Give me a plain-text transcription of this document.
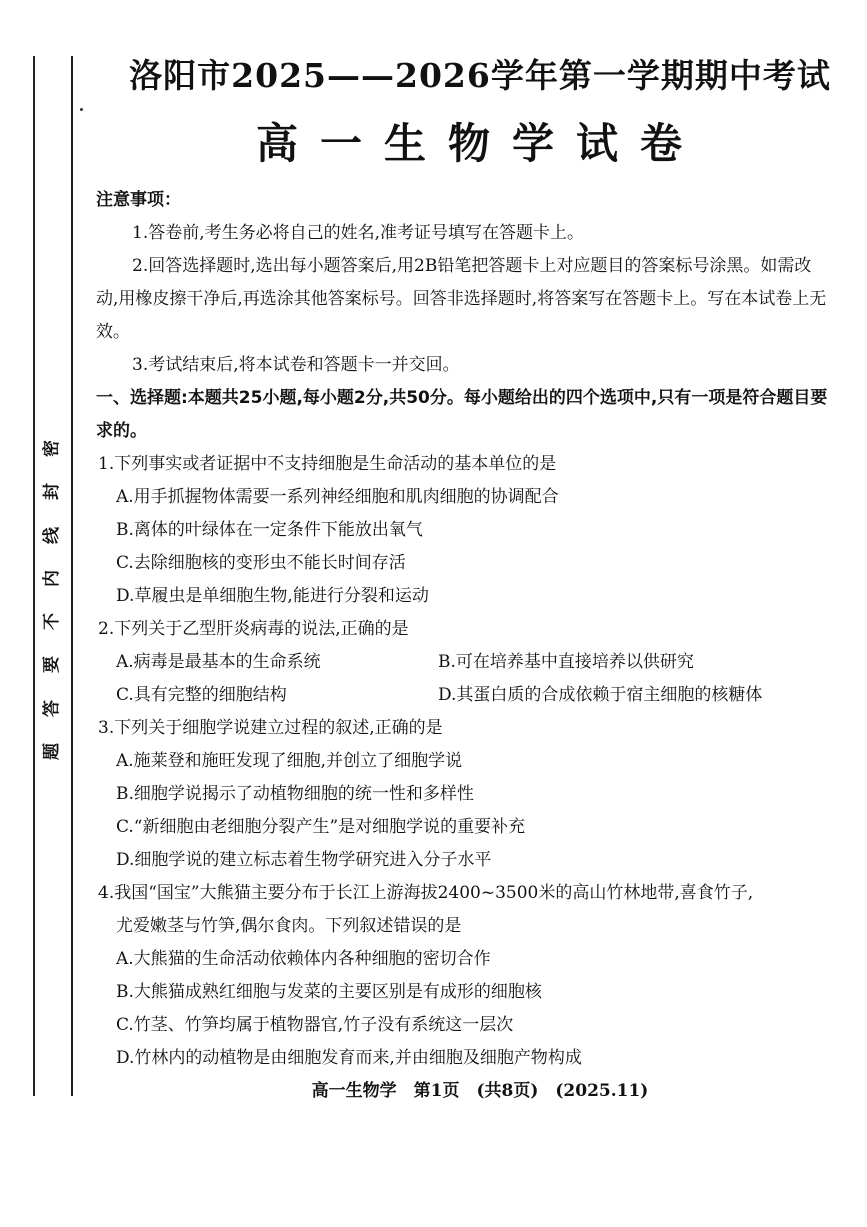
密
封
线
内
不
要
答
题
洛阳市2025——2026学年第一学期期中考试
高一生物学试卷

注意事项：

1.答卷前,考生务必将自己的姓名,准考证号填写在答题卡上。

2.回答选择题时,选出每小题答案后,用2B铅笔把答题卡上对应题目的答案标号涂黑。如需改动,用橡皮擦干净后,再选涂其他答案标号。回答非选择题时,将答案写在答题卡上。写在本试卷上无效。

3.考试结束后,将本试卷和答题卡一并交回。

一、选择题:本题共25小题,每小题2分,共50分。每小题给出的四个选项中,只有一项是符合题目要求的。

1.下列事实或者证据中不支持细胞是生命活动的基本单位的是

A.用手抓握物体需要一系列神经细胞和肌肉细胞的协调配合

B.离体的叶绿体在一定条件下能放出氧气

C.去除细胞核的变形虫不能长时间存活

D.草履虫是单细胞生物,能进行分裂和运动

2.下列关于乙型肝炎病毒的说法,正确的是

A.病毒是最基本的生命系统	B.可在培养基中直接培养以供研究
C.具有完整的细胞结构	D.其蛋白质的合成依赖于宿主细胞的核糖体

3.下列关于细胞学说建立过程的叙述,正确的是

A.施莱登和施旺发现了细胞,并创立了细胞学说

B.细胞学说揭示了动植物细胞的统一性和多样性

C.“新细胞由老细胞分裂产生”是对细胞学说的重要补充

D.细胞学说的建立标志着生物学研究进入分子水平

4.我国“国宝”大熊猫主要分布于长江上游海拔2400~3500米的高山竹林地带,喜食竹子,

尤爱嫩茎与竹笋,偶尔食肉。下列叙述错误的是

A.大熊猫的生命活动依赖体内各种细胞的密切合作

B.大熊猫成熟红细胞与发菜的主要区别是有成形的细胞核

C.竹茎、竹笋均属于植物器官,竹子没有系统这一层次

D.竹林内的动植物是由细胞发育而来,并由细胞及细胞产物构成

高一生物学　第1页　(共8页)　(2025.11)
